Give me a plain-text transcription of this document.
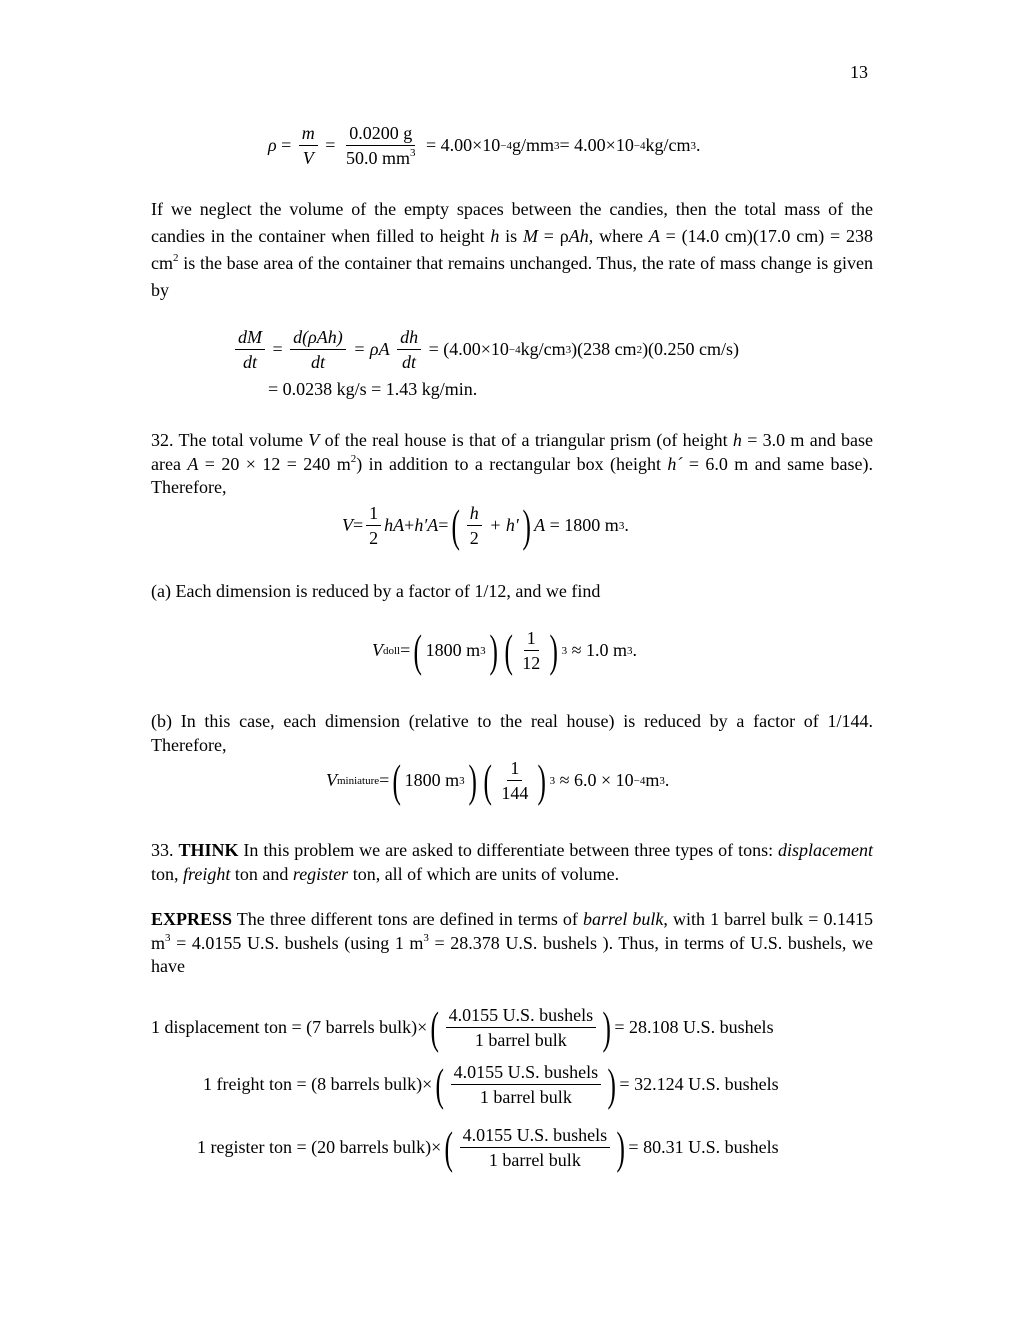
13
$\rho = \frac{m}{V} = \frac{0.0200 g}{50.0 mm^3}$
= 4.00×10 −4 g/mm 3 = 4.00×10 −4 kg/cm 3 .
If we neglect the volume of the empty spaces between the candies, then the total mass of the candies in the container when filled to height h is M = ρAh, where A = (14.0 cm)(17.0 cm) = 238 $cm^2$ is the base area of the container that remains unchanged. Thus, the rate of mass change is given by
$\frac{dM}{dt} = \frac{\text{d(ρAh)}}{dt}$
= ρA
$\frac{dh}{dt}$
= (4.00×10 −4 kg/cm 3 )(238 cm 2 )(0.250 cm/s)
= 0.0238 kg/s = 1.43 kg/min.
32. The total volume V of the real house is that of a triangular prism (of height h = 3.0 m and base area A = 20 × 12 = 240 $m^2$) in addition to a rectangular box (height h´ = 6.0 m and same base). Therefore,
$V = \frac{1}{2}$ hA + h′A = ( $\frac{h}{2}$
+ h′ ) A
= 1800 m 3 .
(a) Each dimension is reduced by a factor of 1/12, and we find
V doll = ( 1800 m 3 ) ( $\frac{1}{12}$ ) 3
≈ 1.0 m 3 .
(b) In this case, each dimension (relative to the real house) is reduced by a factor of 1/144. Therefore,
V miniature = ( 1800 m 3 ) ( $\frac{1}{144}$ ) 3
≈ 6.0 × 10 −4 m 3 .
33. THINK In this problem we are asked to differentiate between three types of tons: displacement ton, freight ton and register ton, all of which are units of volume.
EXPRESS The three different tons are defined in terms of barrel bulk, with 1 barrel bulk = 0.1415 $m^3 = 4.0155$ U.S. bushels (using 1 $m^3 = 28.378$ U.S. bushels ). Thus, in terms of U.S. bushels, we have
1 displacement ton = (7 barrels bulk)× ( $\frac{\text{4.0155 U.S. bushels}}{\text{1 barrel bulk}}$ ) = 28.108 U.S. bushels
1 freight ton = (8 barrels bulk)× ( $\frac{\text{4.0155 U.S. bushels}}{\text{1 barrel bulk}}$ ) = 32.124 U.S. bushels
1 register ton = (20 barrels bulk)× ( $\frac{\text{4.0155 U.S. bushels}}{\text{1 barrel bulk}}$ ) = 80.31 U.S. bushels
